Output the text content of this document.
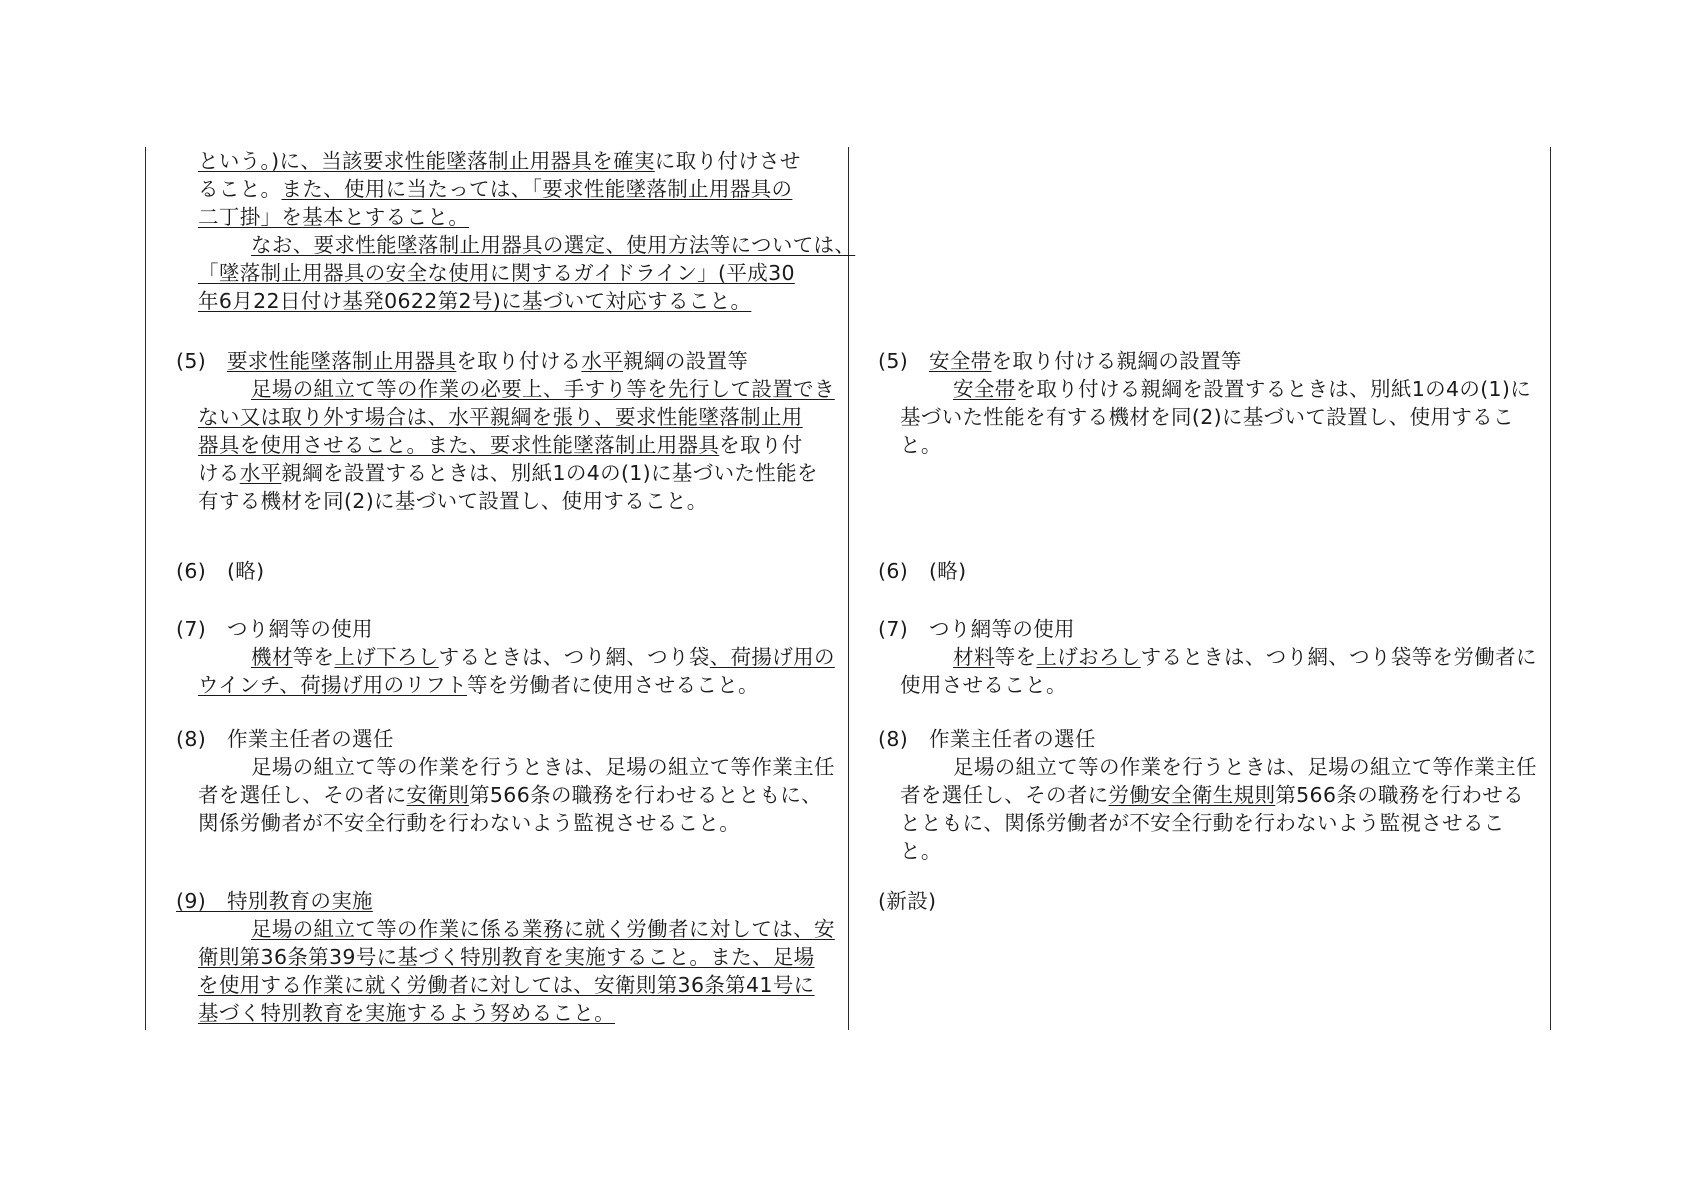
という。)に、当該要求性能墜落制止用器具を確実に取り付けさせ
ること。また、使用に当たっては、「要求性能墜落制止用器具の
二丁掛」を基本とすること。
なお、要求性能墜落制止用器具の選定、使用方法等については、
「墜落制止用器具の安全な使用に関するガイドライン」(平成30
年6月22日付け基発0622第2号)に基づいて対応すること。
(5)　要求性能墜落制止用器具を取り付ける水平親綱の設置等
足場の組立て等の作業の必要上、手すり等を先行して設置でき
ない又は取り外す場合は、水平親綱を張り、要求性能墜落制止用
器具を使用させること。また、要求性能墜落制止用器具を取り付
ける水平親綱を設置するときは、別紙1の4の(1)に基づいた性能を
有する機材を同(2)に基づいて設置し、使用すること。
(6)　(略)
(7)　つり網等の使用
機材等を上げ下ろしするときは、つり網、つり袋、荷揚げ用の
ウインチ、荷揚げ用のリフト等を労働者に使用させること。
(8)　作業主任者の選任
足場の組立て等の作業を行うときは、足場の組立て等作業主任
者を選任し、その者に安衛則第566条の職務を行わせるとともに、
関係労働者が不安全行動を行わないよう監視させること。
(9)　特別教育の実施
足場の組立て等の作業に係る業務に就く労働者に対しては、安
衛則第36条第39号に基づく特別教育を実施すること。また、足場
を使用する作業に就く労働者に対しては、安衛則第36条第41号に
基づく特別教育を実施するよう努めること。
(5)　安全帯を取り付ける親綱の設置等
安全帯を取り付ける親綱を設置するときは、別紙1の4の(1)に
基づいた性能を有する機材を同(2)に基づいて設置し、使用するこ
と。
(6)　(略)
(7)　つり網等の使用
材料等を上げおろしするときは、つり網、つり袋等を労働者に
使用させること。
(8)　作業主任者の選任
足場の組立て等の作業を行うときは、足場の組立て等作業主任
者を選任し、その者に労働安全衛生規則第566条の職務を行わせる
とともに、関係労働者が不安全行動を行わないよう監視させるこ
と。
(新設)
